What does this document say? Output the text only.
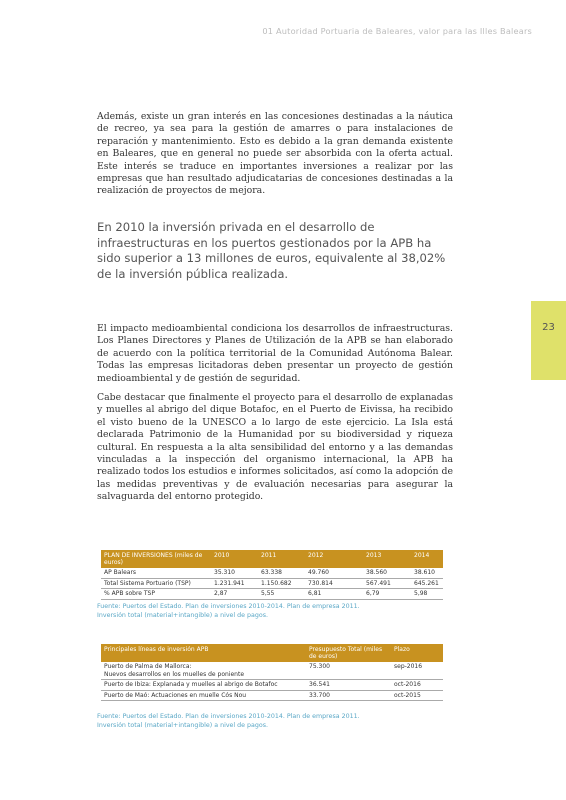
01 Autoridad Portuaria de Baleares, valor para las Illes Balears
23

Además, existe un gran interés en las concesiones destinadas a la náutica de recreo, ya sea para la gestión de amarres o para instalaciones de reparación y mantenimiento. Esto es debido a la gran demanda existente en Baleares, que en general no puede ser absorbida con la oferta actual. Este interés se traduce en importantes inversiones a realizar por las empresas que han resultado adjudicatarias de concesiones destinadas a la realización de proyectos de mejora.

En 2010 la inversión privada en el desarrollo de infraestructuras en los puertos gestionados por la APB ha sido superior a 13 millones de euros, equivalente al 38,02% de la inversión pública realizada.

El impacto medioambiental condiciona los desarrollos de infraestructuras. Los Planes Directores y Planes de Utilización de la APB se han elaborado de acuerdo con la política territorial de la Comunidad Autónoma Balear. Todas las empresas licitadoras deben presentar un proyecto de gestión medioambiental y de gestión de seguridad.

Cabe destacar que finalmente el proyecto para el desarrollo de explanadas y muelles al abrigo del dique Botafoc, en el Puerto de Eivissa, ha recibido el visto bueno de la UNESCO a lo largo de este ejercicio. La Isla está declarada Patrimonio de la Humanidad por su biodiversidad y riqueza cultural. En respuesta a la alta sensibilidad del entorno y a las demandas vinculadas a la inspección del organismo internacional, la APB ha realizado todos los estudios e informes solicitados, así como la adopción de las medidas preventivas y de evaluación necesarias para asegurar la salvaguarda del entorno protegido.

PLAN DE INVERSIONES (miles de euros)	2010	2011	2012	2013	2014
AP Balears	35.310	63.338	49.760	38.560	38.610
Total Sistema Portuario (TSP)	1.231.941	1.150.682	730.814	567.491	645.261
% APB sobre TSP	2,87	5,55	6,81	6,79	5,98

Fuente: Puertos del Estado. Plan de inversiones 2010-2014. Plan de empresa 2011.
Inversión total (material+intangible) a nivel de pagos.

Principales líneas de inversión APB	Presupuesto Total (miles de euros)	Plazo
Puerto de Palma de Mallorca:
Nuevos desarrollos en los muelles de poniente	75.300	sep-2016
Puerto de Ibiza: Explanada y muelles al abrigo de Botafoc	36.541	oct-2016
Puerto de Maó: Actuaciones en muelle Cós Nou	33.700	oct-2015

Fuente: Puertos del Estado. Plan de inversiones 2010-2014. Plan de empresa 2011.
Inversión total (material+intangible) a nivel de pagos.
